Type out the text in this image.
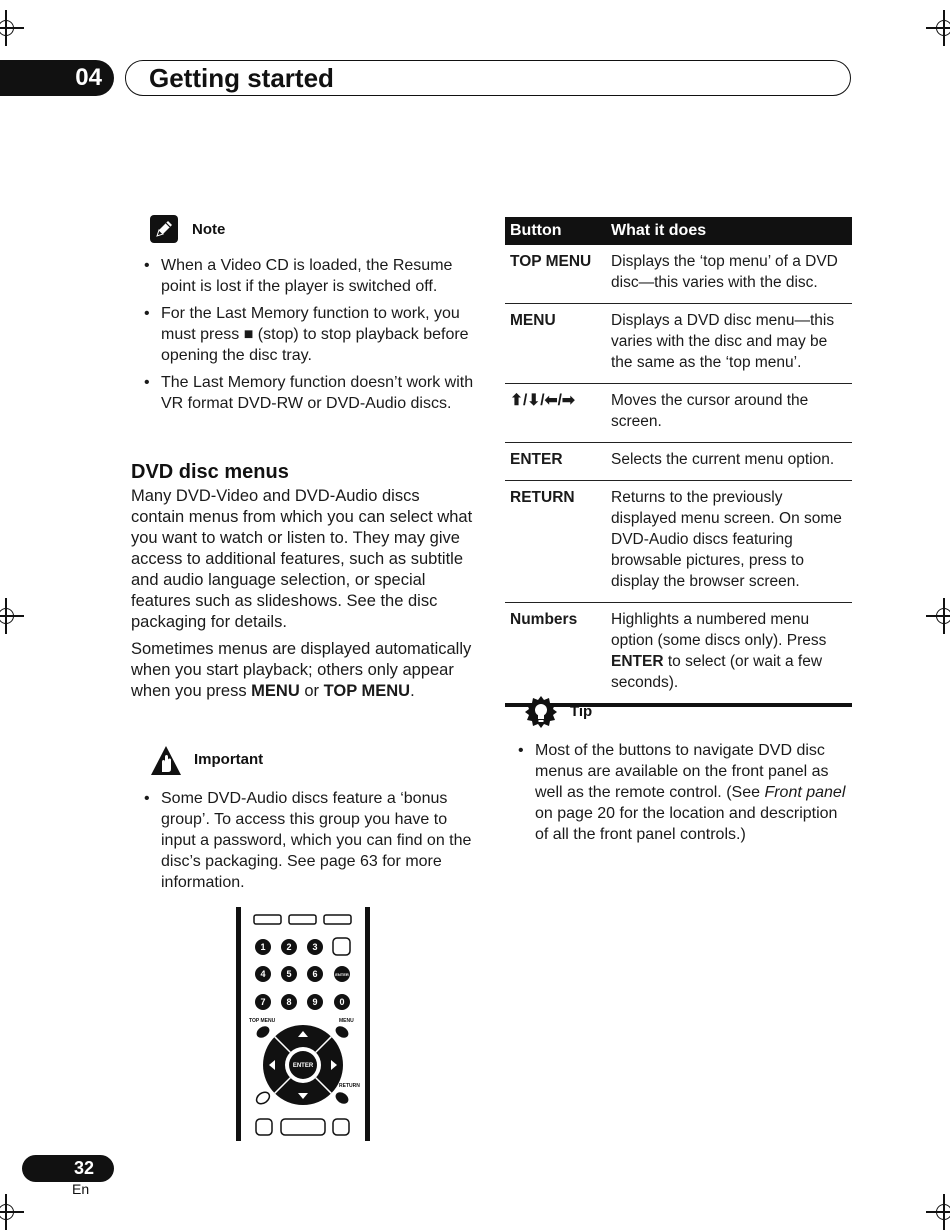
04 Getting started
Note
• When a Video CD is loaded, the Resume point is lost if the player is switched off.
• For the Last Memory function to work, you must press ■ (stop) to stop playback before opening the disc tray.
• The Last Memory function doesn’t work with VR format DVD-RW or DVD-Audio discs.
DVD disc menus

Many DVD-Video and DVD-Audio discs contain menus from which you can select what you want to watch or listen to. They may give access to additional features, such as subtitle and audio language selection, or special features such as slideshows. See the disc packaging for details.

Sometimes menus are displayed automatically when you start playback; others only appear when you press MENU or TOP MENU.

Important
• Some DVD-Audio discs feature a ‘bonus group’. To access this group you have to input a password, which you can find on the disc’s packaging. See page 63 for more information.
1 2 3
4 5 6	ENTER
7 8 9 0
TOP MENU	MENU
ENTER
RETURN
Button	What it does
TOP MENU	Displays the ‘top menu’ of a DVD disc—this varies with the disc.
MENU	Displays a DVD disc menu—this varies with the disc and may be the same as the ‘top menu’.
⬆/⬇/⬅/➡	Moves the cursor around the screen.
ENTER	Selects the current menu option.
RETURN	Returns to the previously displayed menu screen. On some DVD-Audio discs featuring browsable pictures, press to display the browser screen.
Numbers	Highlights a numbered menu option (some discs only). Press ENTER to select (or wait a few seconds).
Tip
• Most of the buttons to navigate DVD disc menus are available on the front panel as well as the remote control. (See Front panel on page 20 for the location and description of all the front panel controls.)
32
En
